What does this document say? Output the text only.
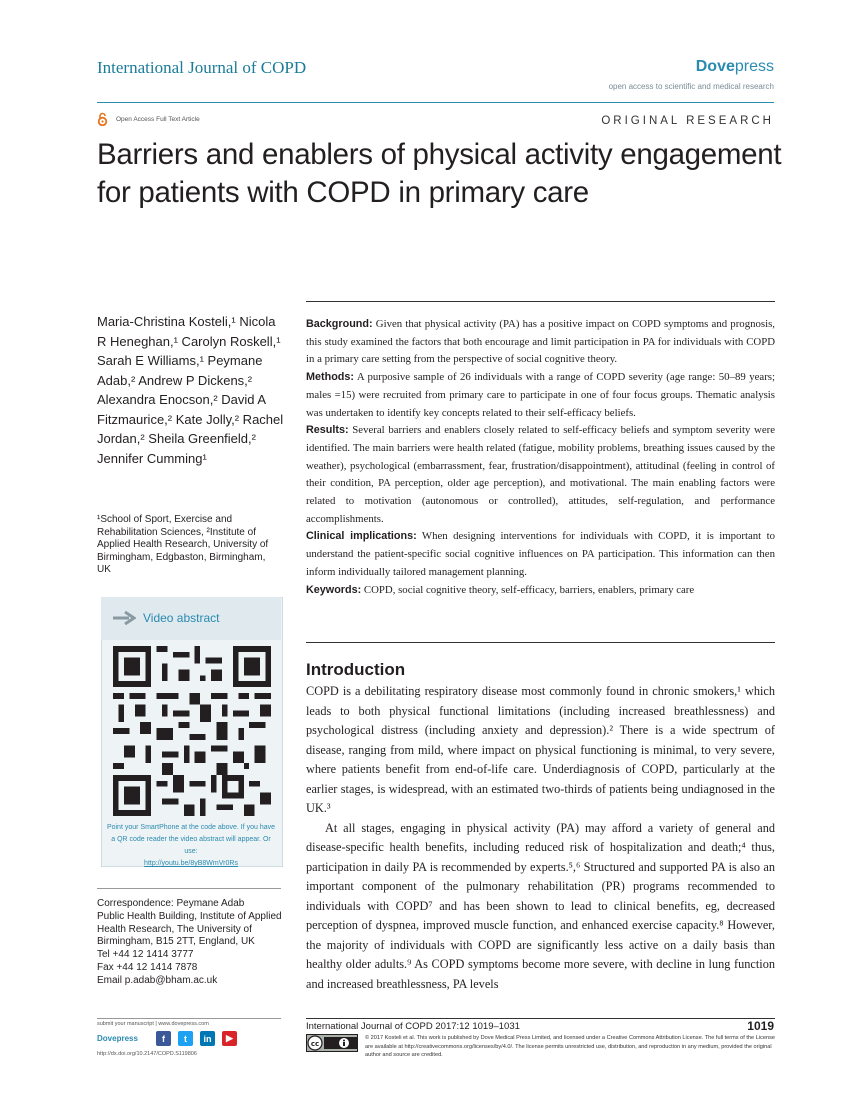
International Journal of COPD	Dovepress
open access to scientific and medical research
Open Access Full Text Article	ORIGINAL RESEARCH
Barriers and enablers of physical activity engagement for patients with COPD in primary care
Maria-Christina Kosteli,¹ Nicola R Heneghan,¹ Carolyn Roskell,¹ Sarah E Williams,¹ Peymane Adab,² Andrew P Dickens,² Alexandra Enocson,² David A Fitzmaurice,² Kate Jolly,² Rachel Jordan,² Sheila Greenfield,² Jennifer Cumming¹
¹School of Sport, Exercise and Rehabilitation Sciences, ²Institute of Applied Health Research, University of Birmingham, Edgbaston, Birmingham, UK
Video abstract
Point your SmartPhone at the code above. If you have a QR code reader the video abstract will appear. Or use:
http://youtu.be/8yB8WmVr0Rs
Correspondence: Peymane Adab
Public Health Building, Institute of Applied Health Research, The University of Birmingham, B15 2TT, England, UK
Tel +44 12 1414 3777
Fax +44 12 1414 7878
Email p.adab@bham.ac.uk

Background: Given that physical activity (PA) has a positive impact on COPD symptoms and prognosis, this study examined the factors that both encourage and limit participation in PA for individuals with COPD in a primary care setting from the perspective of social cognitive theory.

Methods: A purposive sample of 26 individuals with a range of COPD severity (age range: 50–89 years; males =15) were recruited from primary care to participate in one of four focus groups. Thematic analysis was undertaken to identify key concepts related to their self-efficacy beliefs.

Results: Several barriers and enablers closely related to self-efficacy beliefs and symptom severity were identified. The main barriers were health related (fatigue, mobility problems, breathing issues caused by the weather), psychological (embarrassment, fear, frustration/disappointment), attitudinal (feeling in control of their condition, PA perception, older age perception), and motivational. The main enabling factors were related to motivation (autonomous or controlled), attitudes, self-regulation, and performance accomplishments.

Clinical implications: When designing interventions for individuals with COPD, it is important to understand the patient-specific social cognitive influences on PA participation. This information can then inform individually tailored management planning.

Keywords: COPD, social cognitive theory, self-efficacy, barriers, enablers, primary care

Introduction

COPD is a debilitating respiratory disease most commonly found in chronic smokers,¹ which leads to both physical functional limitations (including increased breathlessness) and psychological distress (including anxiety and depression).² There is a wide spectrum of disease, ranging from mild, where impact on physical functioning is minimal, to very severe, where patients benefit from end-of-life care. Underdiagnosis of COPD, particularly at the earlier stages, is widespread, with an estimated two-thirds of patients being undiagnosed in the UK.³

At all stages, engaging in physical activity (PA) may afford a variety of general and disease-specific health benefits, including reduced risk of hospitalization and death;⁴ thus, participation in daily PA is recommended by experts.⁵,⁶ Structured and supported PA is also an important component of the pulmonary rehabilitation (PR) programs recommended to individuals with COPD⁷ and has been shown to lead to clinical benefits, eg, decreased perception of dyspnea, improved muscle function, and enhanced exercise capacity.⁸ However, the majority of individuals with COPD are significantly less active on a daily basis than healthy older adults.⁹ As COPD symptoms become more severe, with decline in lung function and increased breathlessness, PA levels

submit your manuscript | www.dovepress.com
Dovepress	f	t	in	▶
http://dx.doi.org/10.2147/COPD.S119806
International Journal of COPD 2017:12 1019–1031	1019
cc
© 2017 Kosteli et al. This work is published by Dove Medical Press Limited, and licensed under a Creative Commons Attribution License. The full terms of the License are available at http://creativecommons.org/licenses/by/4.0/. The license permits unrestricted use, distribution, and reproduction in any medium, provided the original author and source are credited.
